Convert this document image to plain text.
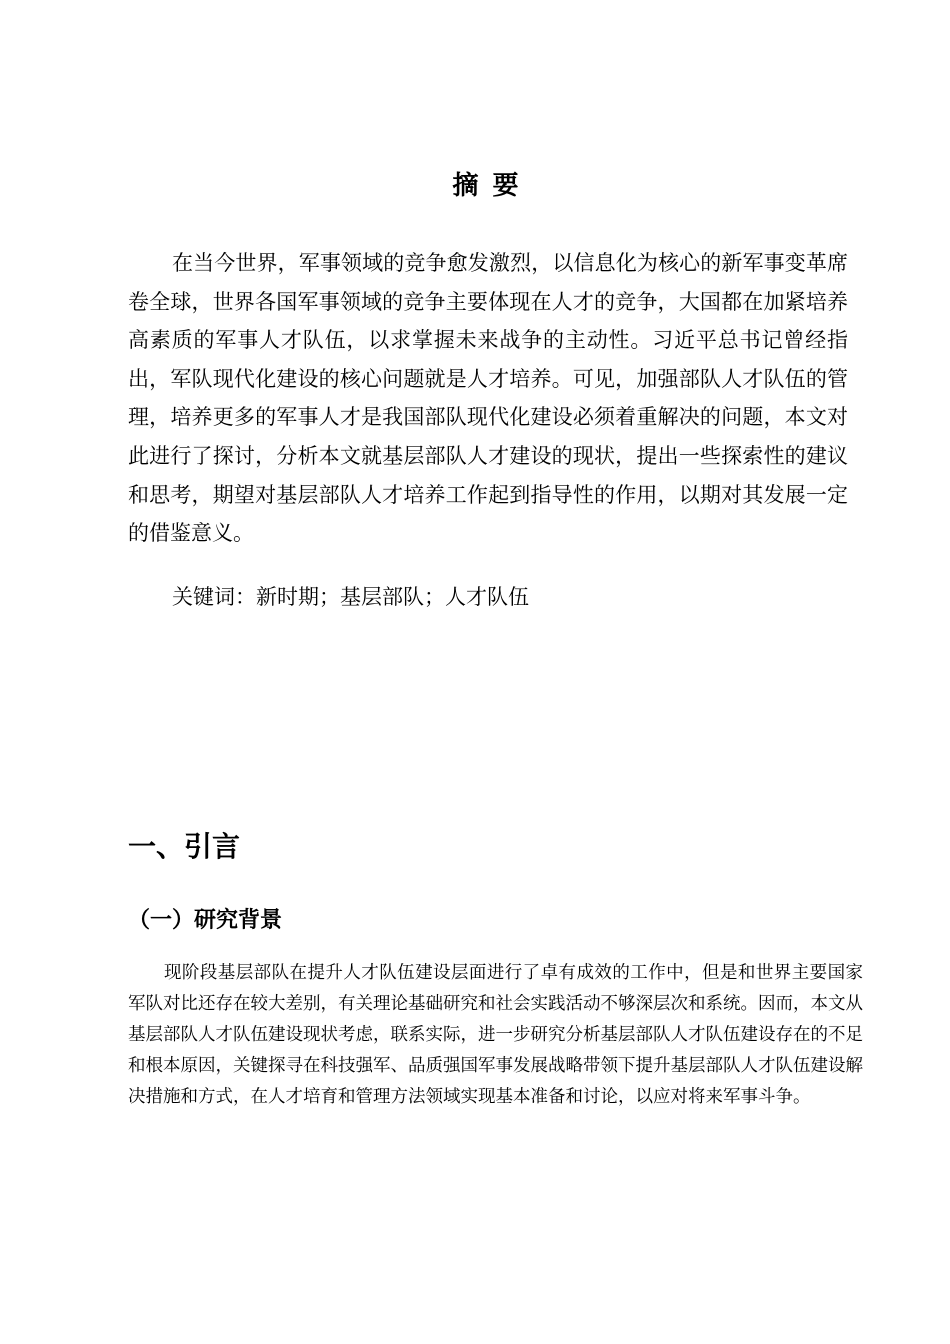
摘要

在当今世界，军事领域的竞争愈发激烈，以信息化为核心的新军事变革席卷全球，世界各国军事领域的竞争主要体现在人才的竞争，大国都在加紧培养高素质的军事人才队伍，以求掌握未来战争的主动性。习近平总书记曾经指出，军队现代化建设的核心问题就是人才培养。可见，加强部队人才队伍的管理，培养更多的军事人才是我国部队现代化建设必须着重解决的问题，本文对此进行了探讨，分析本文就基层部队人才建设的现状，提出一些探索性的建议和思考，期望对基层部队人才培养工作起到指导性的作用，以期对其发展一定的借鉴意义。

关键词：新时期；基层部队；人才队伍
一、引言
（一）研究背景

现阶段基层部队在提升人才队伍建设层面进行了卓有成效的工作中，但是和世界主要国家军队对比还存在较大差别，有关理论基础研究和社会实践活动不够深层次和系统。因而，本文从基层部队人才队伍建设现状考虑，联系实际，进一步研究分析基层部队人才队伍建设存在的不足和根本原因，关键探寻在科技强军、品质强国军事发展战略带领下提升基层部队人才队伍建设解决措施和方式，在人才培育和管理方法领域实现基本准备和讨论，以应对将来军事斗争。
